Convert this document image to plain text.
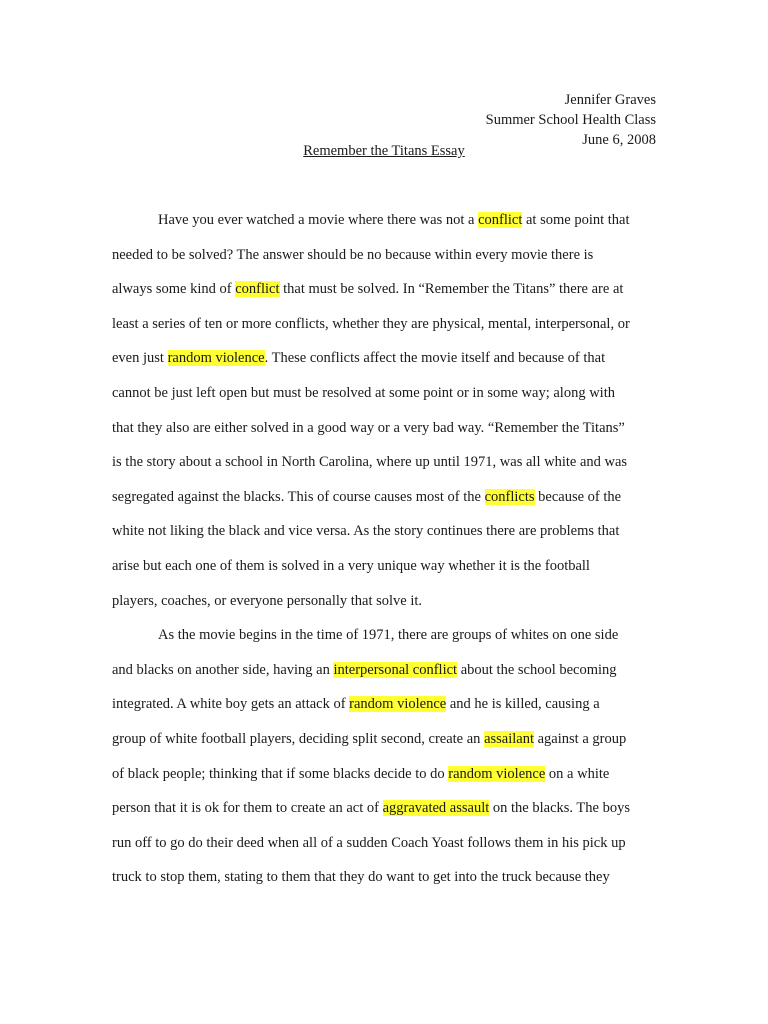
Jennifer Graves
Summer School Health Class
June 6, 2008
Remember the Titans Essay
Have you ever watched a movie where there was not a conflict at some point that
needed to be solved? The answer should be no because within every movie there is
always some kind of conflict that must be solved. In “Remember the Titans” there are at
least a series of ten or more conflicts, whether they are physical, mental, interpersonal, or
even just random violence. These conflicts affect the movie itself and because of that
cannot be just left open but must be resolved at some point or in some way; along with
that they also are either solved in a good way or a very bad way. “Remember the Titans”
is the story about a school in North Carolina, where up until 1971, was all white and was
segregated against the blacks. This of course causes most of the conflicts because of the
white not liking the black and vice versa. As the story continues there are problems that
arise but each one of them is solved in a very unique way whether it is the football
players, coaches, or everyone personally that solve it.
As the movie begins in the time of 1971, there are groups of whites on one side
and blacks on another side, having an interpersonal conflict about the school becoming
integrated. A white boy gets an attack of random violence and he is killed, causing a
group of white football players, deciding split second, create an assailant against a group
of black people; thinking that if some blacks decide to do random violence on a white
person that it is ok for them to create an act of aggravated assault on the blacks. The boys
run off to go do their deed when all of a sudden Coach Yoast follows them in his pick up
truck to stop them, stating to them that they do want to get into the truck because they
